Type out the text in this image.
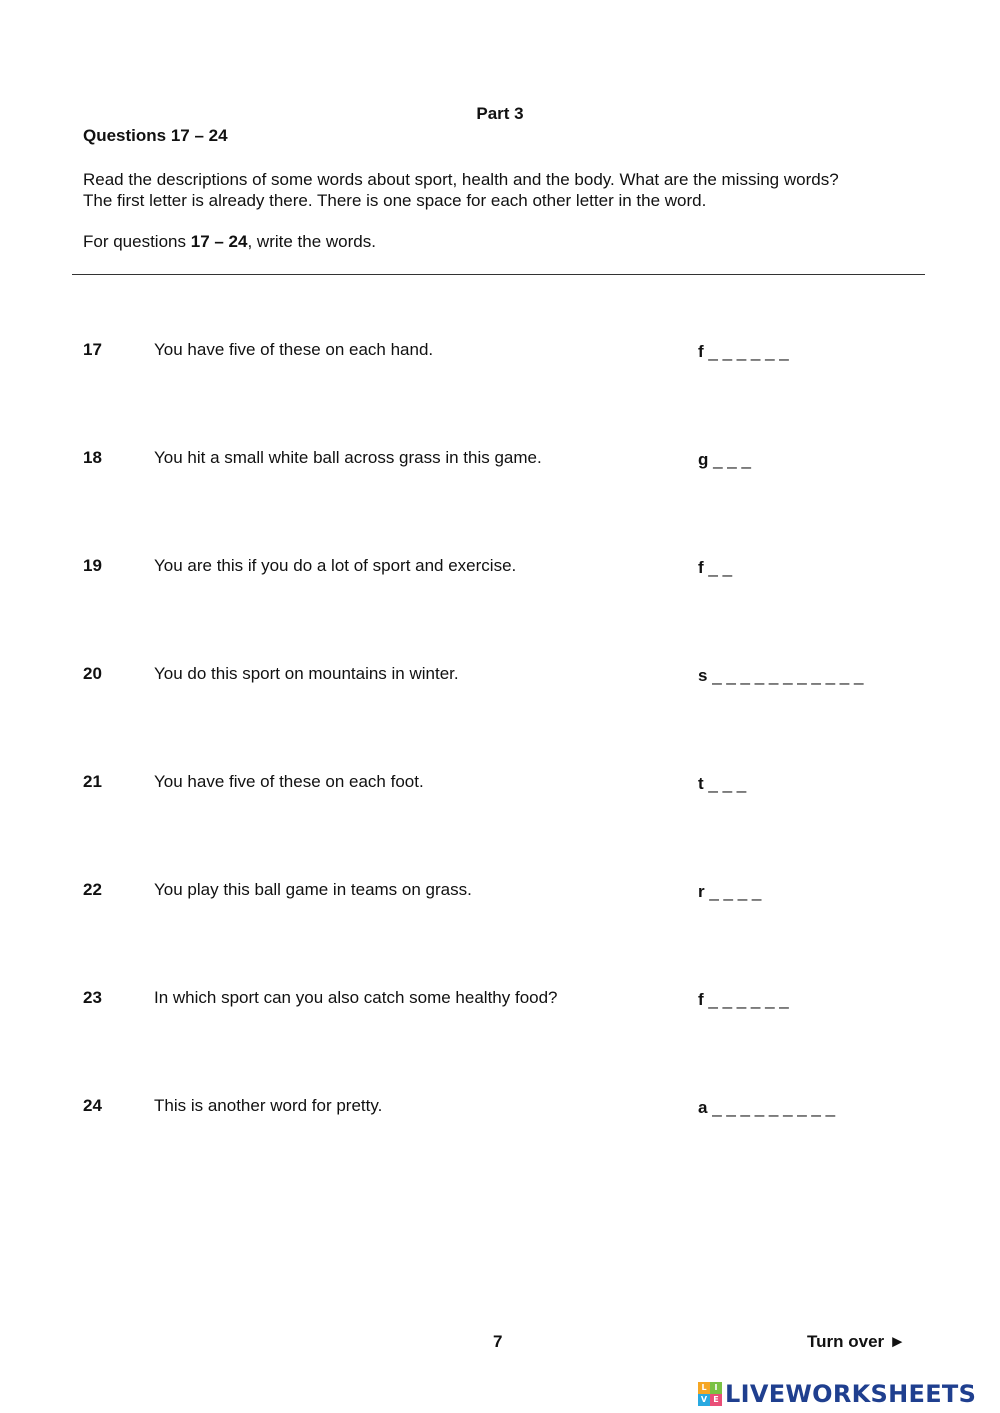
Part 3
Questions 17 – 24

Read the descriptions of some words about sport, health and the body. What are the missing words?

The first letter is already there. There is one space for each other letter in the word.

For questions 17 – 24, write the words.
17	You have five of these on each hand.	f _ _ _ _ _ _
18	You hit a small white ball across grass in this game.	g _ _ _
19	You are this if you do a lot of sport and exercise.	f _ _
20	You do this sport on mountains in winter.	s _ _ _ _ _ _ _ _ _ _ _
21	You have five of these on each foot.	t _ _ _
22	You play this ball game in teams on grass.	r _ _ _ _
23	In which sport can you also catch some healthy food?	f _ _ _ _ _ _
24	This is another word for pretty.	a _ _ _ _ _ _ _ _ _
7	Turn over ►
L I
V E LIVEWORKSHEETS
